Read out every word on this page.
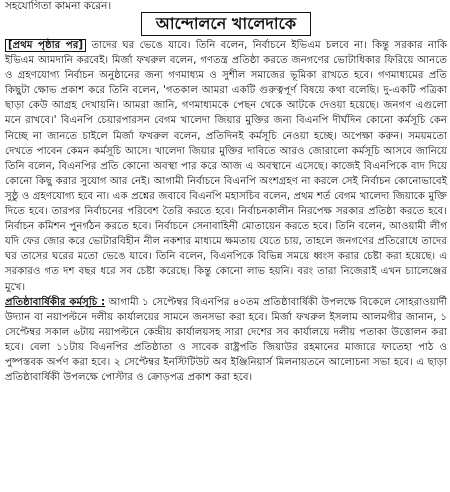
সহযোগিতা কামনা করেন।
আন্দোলনে খালেদাকে

[প্রথম পৃষ্ঠার পর] তাদের ঘর ভেঙে যাবে। তিনি বলেন, নির্বাচনে ইভিএম চলবে না। কিন্তু সরকার নাকি ইভিএম আমদানি করবেই। মির্জা ফখরুল বলেন, গণতন্ত্র প্রতিষ্ঠা করতে জনগণের ভোটাধিকার ফিরিয়ে আনতে ও গ্রহণযোগ্য নির্বাচন অনুষ্ঠানের জন্য গণমাধ্যম ও সুশীল সমাজের ভূমিকা রাখতে হবে। গণমাধ্যমের প্রতি কিছুটা ক্ষোভ প্রকাশ করে তিনি বলেন, 'গতকাল আমরা একটি গুরুত্বপূর্ণ বিষয়ে কথা বলেছি। দু-একটি পত্রিকা ছাড়া কেউ আগ্রহ দেখায়নি। আমরা জানি, গণমাধ্যমকে পেছন থেকে আটকে দেওয়া হয়েছে। জনগণ এগুলো মনে রাখবে।' বিএনপি চেয়ারপারসন বেগম খালেদা জিয়ার মুক্তির জন্য বিএনপি দীর্ঘদিন কোনো কর্মসূচি কেন নিচ্ছে না জানতে চাইলে মির্জা ফখরুল বলেন, প্রতিদিনই কর্মসূচি নেওয়া হচ্ছে। অপেক্ষা করুন। সময়মতো দেখতে পাবেন কেমন কর্মসূচি আসে। খালেদা জিয়ার মুক্তির দাবিতে আরও জোরালো কর্মসূচি আসবে জানিয়ে তিনি বলেন, বিএনপির প্রতি কোনো অবস্থা পার করে আজ এ অবস্থানে এসেছে। কাজেই বিএনপিকে বাদ দিয়ে কোনো কিছু করার সুযোগ আর নেই। আগামী নির্বাচনে বিএনপি অংশগ্রহণ না করলে সেই নির্বাচন কোনোভাবেই সুষ্ঠু ও গ্রহণযোগ্য হবে না। এক প্রশ্নের জবাবে বিএনপি মহাসচিব বলেন, প্রথম শর্ত বেগম খালেদা জিয়াকে মুক্তি দিতে হবে। তারপর নির্বাচনের পরিবেশ তৈরি করতে হবে। নির্বাচনকালীন নিরপেক্ষ সরকার প্রতিষ্ঠা করতে হবে। নির্বাচন কমিশন পুনর্গঠন করতে হবে। নির্বাচনে সেনাবাহিনী মোতায়েন করতে হবে। তিনি বলেন, আওয়ামী লীগ যদি ফের জোর করে ভোটারবিহীন নীল নকশার মাধ্যমে ক্ষমতায় যেতে চায়, তাহলে জনগণের প্রতিরোধে তাদের ঘর তাসের ঘরের মতো ভেঙে যাবে। তিনি বলেন, বিএনপিকে বিভিন্ন সময়ে ধ্বংস করার চেষ্টা করা হয়েছে। এ সরকারও গত দশ বছর ধরে সব চেষ্টা করেছে। কিন্তু কোনো লাভ হয়নি। বরং তারা নিজেরাই এখন চ্যালেঞ্জের মুখে।

প্রতিষ্ঠাবার্ষিকীর কর্মসূচি : আগামী ১ সেপ্টেম্বর বিএনপির ৪০তম প্রতিষ্ঠাবার্ষিকী উপলক্ষে বিকেলে সোহরাওয়ার্দী উদ্যান বা নয়াপল্টনে দলীয় কার্যালয়ের সামনে জনসভা করা হবে। মির্জা ফখরুল ইসলাম আলমগীর জানান, ১ সেপ্টেম্বর সকাল ৬টায় নয়াপল্টনে কেন্দ্রীয় কার্যালয়সহ সারা দেশের সব কার্যালয়ে দলীয় পতাকা উত্তোলন করা হবে। বেলা ১১টায় বিএনপির প্রতিষ্ঠাতা ও সাবেক রাষ্ট্রপতি জিয়াউর রহমানের মাজারে ফাতেহা পাঠ ও পুষ্পস্তবক অর্পণ করা হবে। ২ সেপ্টেম্বর ইনস্টিটিউট অব ইঞ্জিনিয়ার্স মিলনায়তনে আলোচনা সভা হবে। এ ছাড়া প্রতিষ্ঠাবার্ষিকী উপলক্ষে পোস্টার ও ক্রোড়পত্র প্রকাশ করা হবে।
